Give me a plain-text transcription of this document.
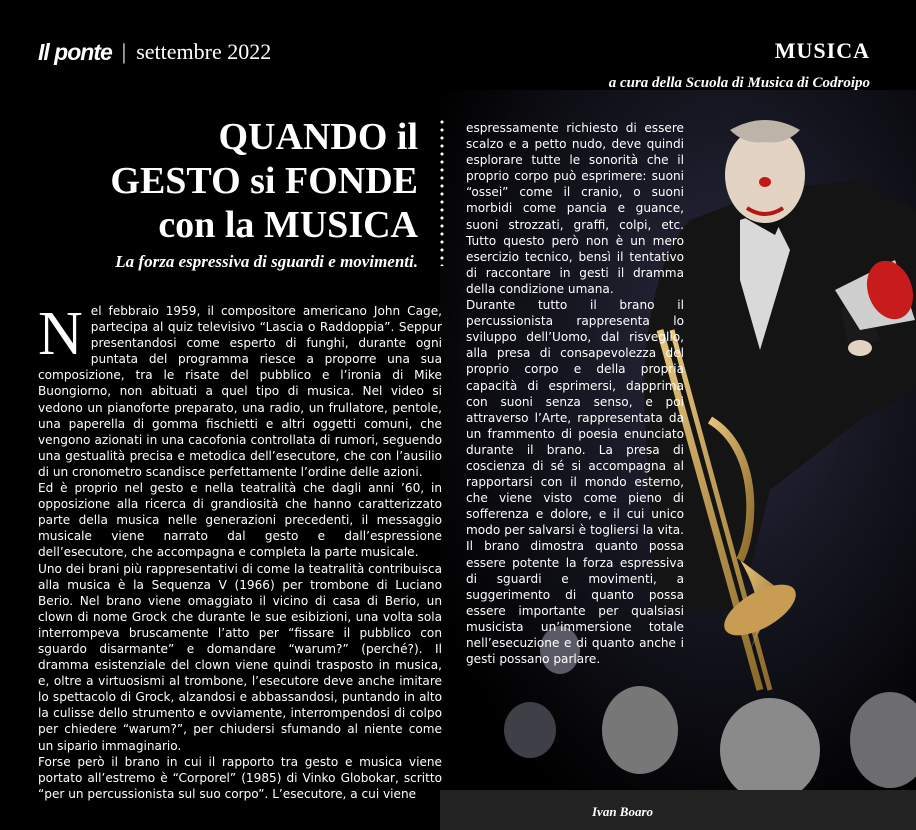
Il ponte | settembre 2022	MUSICA
a cura della Scuola di Musica di Codroipo
QUANDO il
GESTO si FONDE
con la MUSICA
La forza espressiva di sguardi e movimenti.

Nel febbraio 1959, il compositore americano John Cage, partecipa al quiz televisivo “Lascia o Raddoppia”. Seppur presentandosi come esperto di funghi, durante ogni puntata del programma riesce a proporre una sua composizione, tra le risate del pubblico e l’ironia di Mike Buongiorno, non abituati a quel tipo di musica. Nel video si vedono un pianoforte preparato, una radio, un frullatore, pentole, una paperella di gomma fischietti e altri oggetti comuni, che vengono azionati in una cacofonia controllata di rumori, seguendo una gestualità precisa e metodica dell’esecutore, che con l’ausilio di un cronometro scandisce perfettamente l’ordine delle azioni.

Ed è proprio nel gesto e nella teatralità che dagli anni ’60, in opposizione alla ricerca di grandiosità che hanno caratterizzato parte della musica nelle generazioni precedenti, il messaggio musicale viene narrato dal gesto e dall’espressione dell’esecutore, che accompagna e completa la parte musicale.

Uno dei brani più rappresentativi di come la teatralità contribuisca alla musica è la Sequenza V (1966) per trombone di Luciano Berio. Nel brano viene omaggiato il vicino di casa di Berio, un clown di nome Grock che durante le sue esibizioni, una volta sola interrompeva bruscamente l’atto per “fissare il pubblico con sguardo disarmante” e domandare “warum?” (perché?). Il dramma esistenziale del clown viene quindi trasposto in musica, e, oltre a virtuosismi al trombone, l’esecutore deve anche imitare lo spettacolo di Grock, alzandosi e abbassandosi, puntando in alto la culisse dello strumento e ovviamente, interrompendosi di colpo per chiedere “warum?”, per chiudersi sfumando al niente come un sipario immaginario.

Forse però il brano in cui il rapporto tra gesto e musica viene portato all’estremo è “Corporel” (1985) di Vinko Globokar, scritto “per un percussionista sul suo corpo”. L’esecutore, a cui viene

espressamente richiesto di essere scalzo e a petto nudo, deve quindi esplorare tutte le sonorità che il proprio corpo può esprimere: suoni “ossei” come il cranio, o suoni morbidi come pancia e guance, suoni strozzati, graffi, colpi, etc. Tutto questo però non è un mero esercizio tecnico, bensì il tentativo di raccontare in gesti il dramma della condizione umana.

Durante tutto il brano il percussionista rappresenta lo sviluppo dell’Uomo, dal risveglio, alla presa di consapevolezza del proprio corpo e della propria capacità di esprimersi, dapprima con suoni senza senso, e poi attraverso l’Arte, rappresentata da un frammento di poesia enunciato durante il brano. La presa di coscienza di sé si accompagna al rapportarsi con il mondo esterno, che viene visto come pieno di sofferenza e dolore, e il cui unico modo per salvarsi è togliersi la vita. Il brano dimostra quanto possa essere potente la forza espressiva di sguardi e movimenti, a suggerimento di quanto possa essere importante per qualsiasi musicista un’immersione totale nell’esecuzione e di quanto anche i gesti possano parlare.

Ivan Boaro
